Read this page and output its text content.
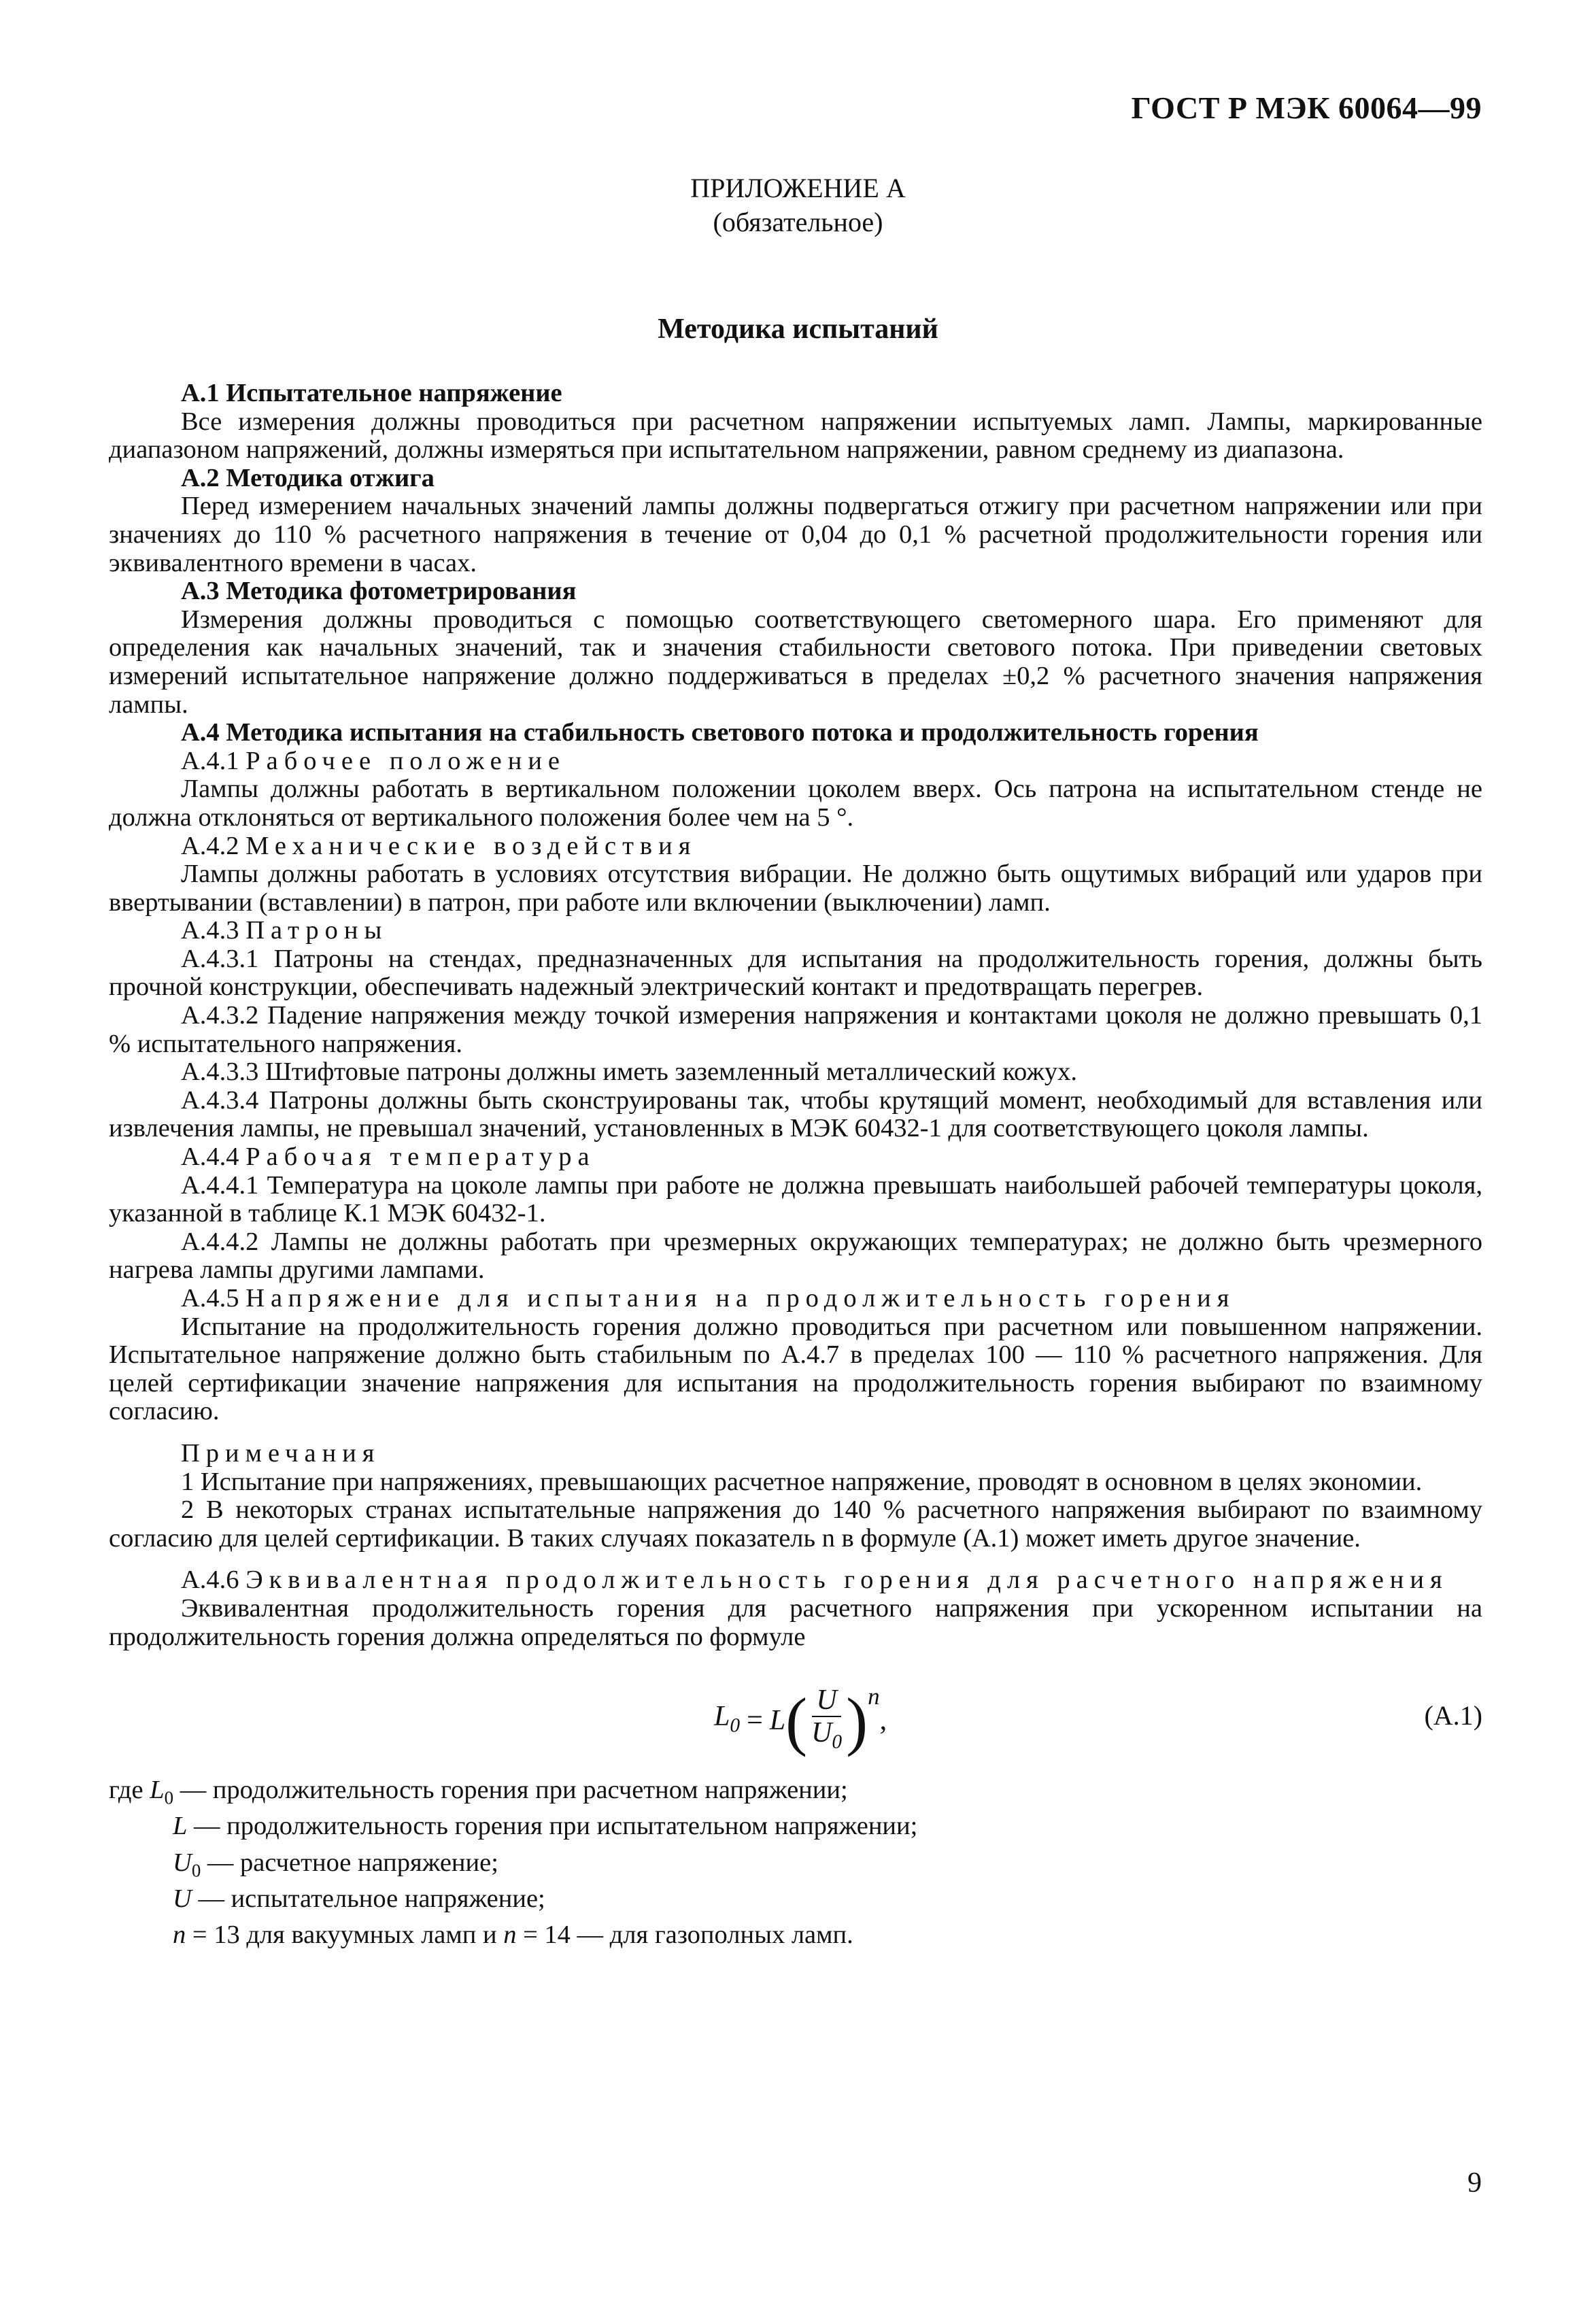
ГОСТ Р МЭК 60064—99
ПРИЛОЖЕНИЕ А
(обязательное)
Методика испытаний

А.1 Испытательное напряжение

Все измерения должны проводиться при расчетном напряжении испытуемых ламп. Лампы, маркированные диапазоном напряжений, должны измеряться при испытательном напряжении, равном среднему из диапазона.

А.2 Методика отжига

Перед измерением начальных значений лампы должны подвергаться отжигу при расчетном напряжении или при значениях до 110 % расчетного напряжения в течение от 0,04 до 0,1 % расчетной продолжительности горения или эквивалентного времени в часах.

А.3 Методика фотометрирования

Измерения должны проводиться с помощью соответствующего светомерного шара. Его применяют для определения как начальных значений, так и значения стабильности светового потока. При приведении световых измерений испытательное напряжение должно поддерживаться в пределах ±0,2 % расчетного значения напряжения лампы.

А.4 Методика испытания на стабильность светового потока и продолжительность горения

А.4.1 Рабочее положение

Лампы должны работать в вертикальном положении цоколем вверх. Ось патрона на испытательном стенде не должна отклоняться от вертикального положения более чем на 5 °.

А.4.2 Механические воздействия

Лампы должны работать в условиях отсутствия вибрации. Не должно быть ощутимых вибраций или ударов при ввертывании (вставлении) в патрон, при работе или включении (выключении) ламп.

А.4.3 Патроны

А.4.3.1 Патроны на стендах, предназначенных для испытания на продолжительность горения, должны быть прочной конструкции, обеспечивать надежный электрический контакт и предотвращать перегрев.

А.4.3.2 Падение напряжения между точкой измерения напряжения и контактами цоколя не должно превышать 0,1 % испытательного напряжения.

А.4.3.3 Штифтовые патроны должны иметь заземленный металлический кожух.

А.4.3.4 Патроны должны быть сконструированы так, чтобы крутящий момент, необходимый для вставления или извлечения лампы, не превышал значений, установленных в МЭК 60432-1 для соответствующего цоколя лампы.

А.4.4 Рабочая температура

А.4.4.1 Температура на цоколе лампы при работе не должна превышать наибольшей рабочей температуры цоколя, указанной в таблице К.1 МЭК 60432-1.

А.4.4.2 Лампы не должны работать при чрезмерных окружающих температурах; не должно быть чрезмерного нагрева лампы другими лампами.

А.4.5 Напряжение для испытания на продолжительность горения

Испытание на продолжительность горения должно проводиться при расчетном или повышенном напряжении. Испытательное напряжение должно быть стабильным по А.4.7 в пределах 100 — 110 % расчетного напряжения. Для целей сертификации значение напряжения для испытания на продолжительность горения выбирают по взаимному согласию.

Примечания

1 Испытание при напряжениях, превышающих расчетное напряжение, проводят в основном в целях экономии.

2 В некоторых странах испытательные напряжения до 140 % расчетного напряжения выбирают по взаимному согласию для целей сертификации. В таких случаях показатель n в формуле (А.1) может иметь другое значение.

А.4.6 Эквивалентная продолжительность горения для расчетного напряжения

Эквивалентная продолжительность горения для расчетного напряжения при ускоренном испытании на продолжительность горения должна определяться по формуле

$L_0 = L$ ( $\frac{U}{U_0} )^n$
,	(А.1)

где $L_0$ — продолжительность горения при расчетном напряжении;

L — продолжительность горения при испытательном напряжении;

$U_0$ — расчетное напряжение;

U — испытательное напряжение;

n = 13 для вакуумных ламп и n = 14 — для газополных ламп.

9
